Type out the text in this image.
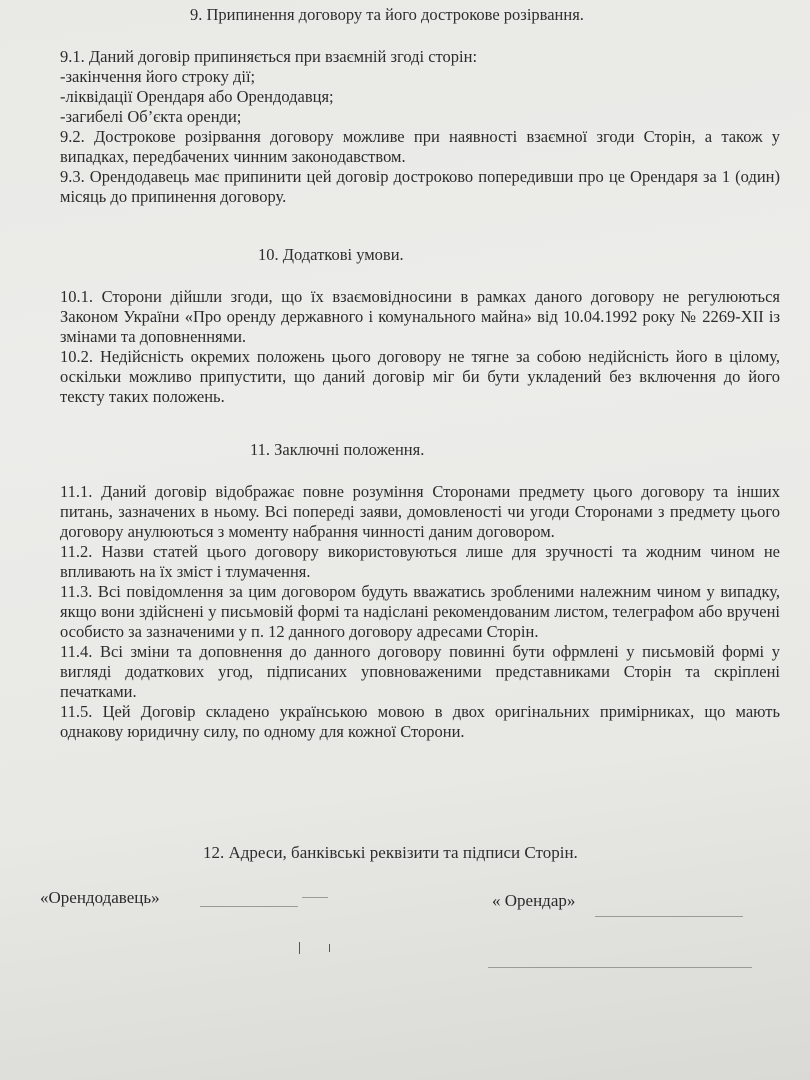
9. Припинення договору та його дострокове розірвання.

9.1. Даний договір припиняється при взаємній згоді сторін:

-закінчення його строку дії;

-ліквідації Орендаря або Орендодавця;

-загибелі Об’єкта оренди;

9.2. Дострокове розірвання договору можливе при наявності взаємної згоди Сторін, а також у випадках, передбачених чинним законодавством.

9.3. Орендодавець має припинити цей договір достроково попередивши про це Орендаря за 1 (один) місяць до припинення договору.

10. Додаткові умови.

10.1. Сторони дійшли згоди, що їх взаємовідносини в рамках даного договору не регулюються Законом України «Про оренду державного і комунального майна» від 10.04.1992 року № 2269-XII із змінами та доповненнями.

10.2. Недійсність окремих положень цього договору не тягне за собою недійсність його в цілому, оскільки можливо припустити, що даний договір міг би бути укладений без включення до його тексту таких положень.

11. Заключні положення.

11.1. Даний договір відображає повне розуміння Сторонами предмету цього договору та інших питань, зазначених в ньому. Всі попереді заяви, домовленості чи угоди Сторонами з предмету цього договору анулюються з моменту набрання чинності даним договором.

11.2. Назви статей цього договору використовуються лише для зручності та жодним чином не впливають на їх зміст і тлумачення.

11.3. Всі повідомлення за цим договором будуть вважатись зробленими належним чином у випадку, якщо вони здійснені у письмовій формі та надіслані рекомендованим листом, телеграфом або вручені особисто за зазначеними у п. 12 данного договору адресами Сторін.

11.4. Всі зміни та доповнення до данного договору повинні бути офрмлені у письмовій формі у вигляді додаткових угод, підписаних уповноваженими представниками Сторін та скріплені печатками.

11.5. Цей Договір складено українською мовою в двох оригінальних примірниках, що мають однакову юридичну силу, по одному для кожної Сторони.

12. Адреси, банківські реквізити та підписи Сторін.
«Орендодавець»	« Орендар»
